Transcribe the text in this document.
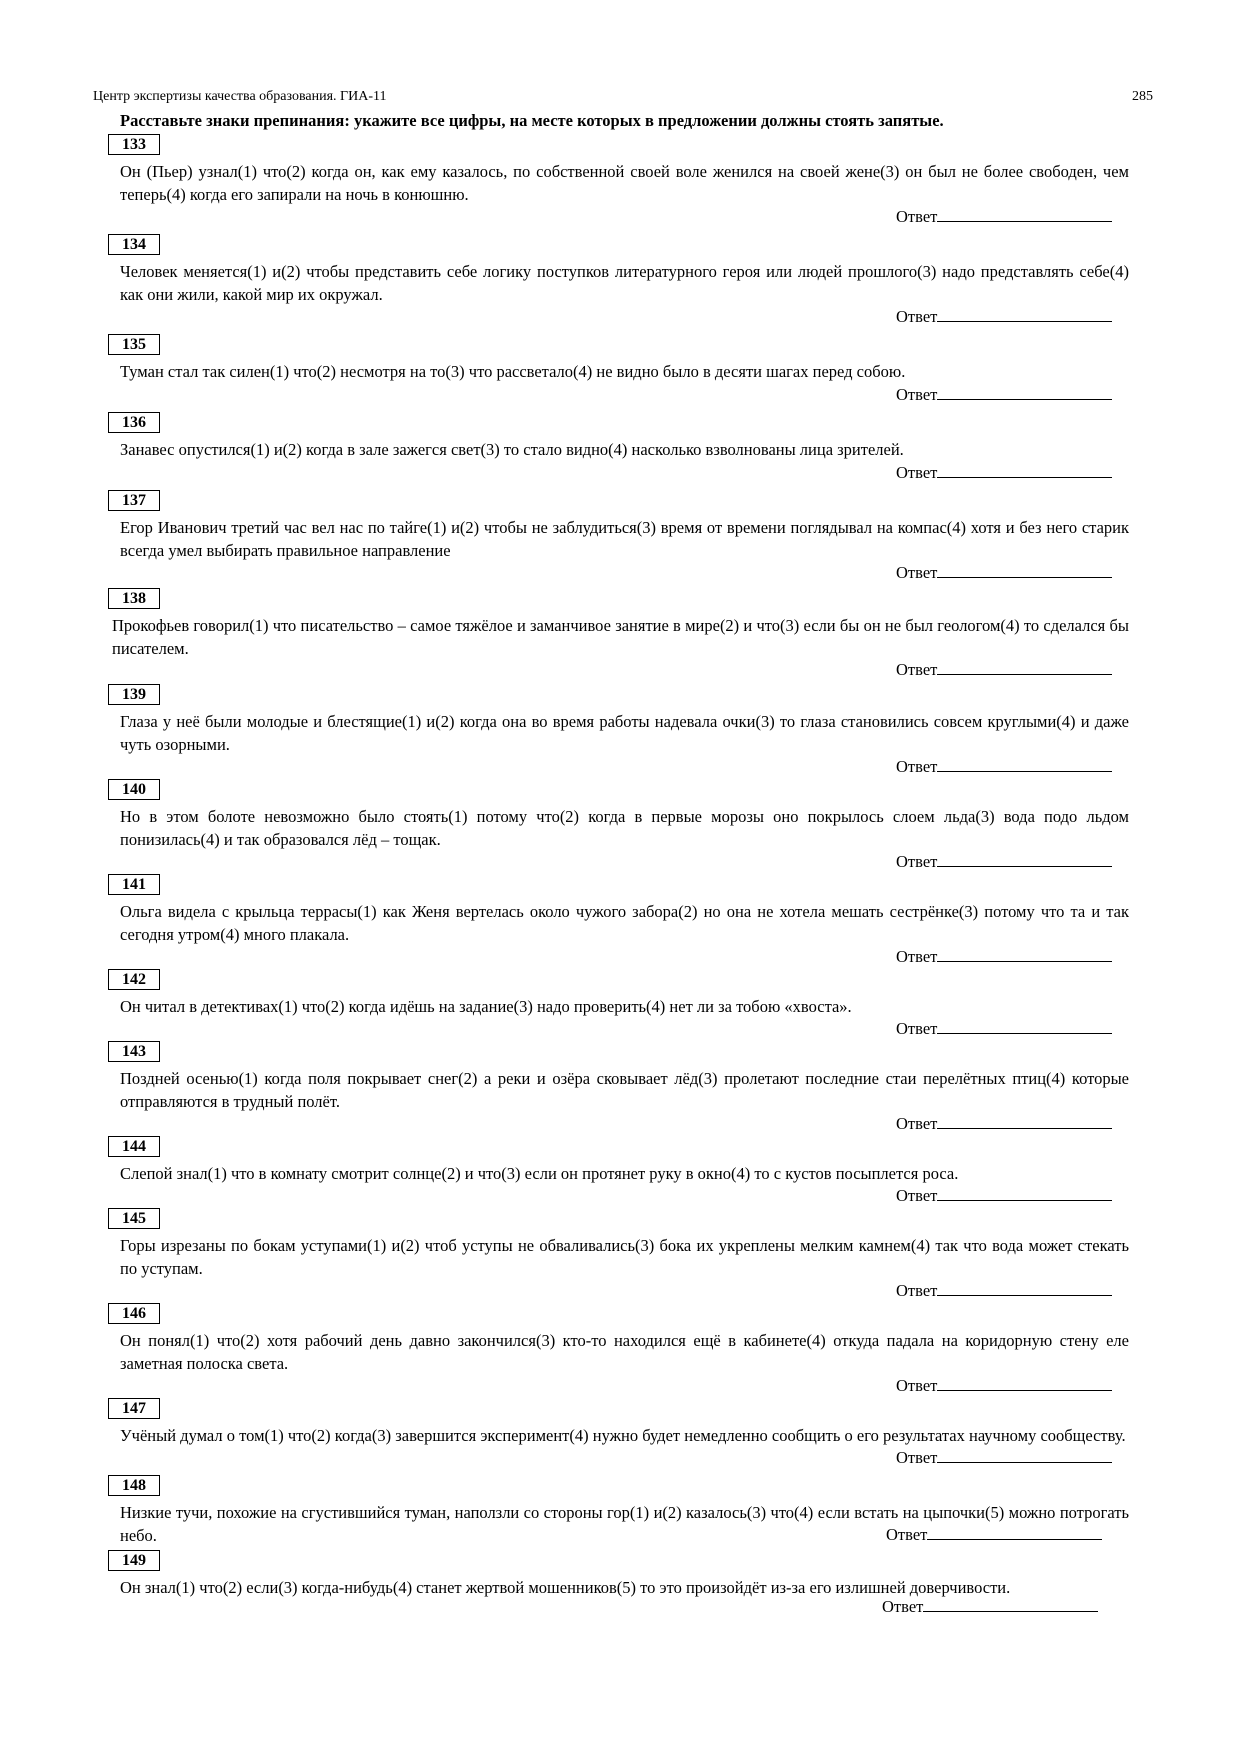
Центр экспертизы качества образования. ГИА-11	285
Расставьте знаки препинания: укажите все цифры, на месте которых в предложении должны стоять запятые.
133
Он (Пьер) узнал(1) что(2) когда он, как ему казалось, по собственной своей воле женился на своей жене(3) он был не более свободен, чем теперь(4) когда его запирали на ночь в конюшню.
Ответ
134
Человек меняется(1) и(2) чтобы представить себе логику поступков литературного героя или людей прошлого(3) надо представлять себе(4) как они жили, какой мир их окружал.
Ответ
135
Туман стал так силен(1) что(2) несмотря на то(3) что рассветало(4) не видно было в десяти шагах перед собою.
Ответ
136
Занавес опустился(1) и(2) когда в зале зажегся свет(3) то стало видно(4) насколько взволнованы лица зрителей.
Ответ
137
Егор Иванович третий час вел нас по тайге(1) и(2) чтобы не заблудиться(3) время от времени поглядывал на компас(4) хотя и без него старик всегда умел выбирать правильное направление
Ответ
138
Прокофьев говорил(1) что писательство – самое тяжёлое и заманчивое занятие в мире(2) и что(3) если бы он не был геологом(4) то сделался бы писателем.
Ответ
139
Глаза у неё были молодые и блестящие(1) и(2) когда она во время работы надевала очки(3) то глаза становились совсем круглыми(4) и даже чуть озорными.
Ответ
140
Но в этом болоте невозможно было стоять(1) потому что(2) когда в первые морозы оно покрылось слоем льда(3) вода подо льдом понизилась(4) и так образовался лёд – тощак.
Ответ
141
Ольга видела с крыльца террасы(1) как Женя вертелась около чужого забора(2) но она не хотела мешать сестрёнке(3) потому что та и так сегодня утром(4) много плакала.
Ответ
142
Он читал в детективах(1) что(2) когда идёшь на задание(3) надо проверить(4) нет ли за тобою «хвоста».
Ответ
143
Поздней осенью(1) когда поля покрывает снег(2) а реки и озёра сковывает лёд(3) пролетают последние стаи перелётных птиц(4) которые отправляются в трудный полёт.
Ответ
144
Слепой знал(1) что в комнату смотрит солнце(2) и что(3) если он протянет руку в окно(4) то с кустов посыплется роса.
Ответ
145
Горы изрезаны по бокам уступами(1) и(2) чтоб уступы не обваливались(3) бока их укреплены мелким камнем(4) так что вода может стекать по уступам.
Ответ
146
Он понял(1) что(2) хотя рабочий день давно закончился(3) кто-то находился ещё в кабинете(4) откуда падала на коридорную стену еле заметная полоска света.
Ответ
147
Учёный думал о том(1) что(2) когда(3) завершится эксперимент(4) нужно будет немедленно сообщить о его результатах научному сообществу.
Ответ
148
Низкие тучи, похожие на сгустившийся туман, наползли со стороны гор(1) и(2) казалось(3) что(4) если встать на цыпочки(5) можно потрогать небо.	Ответ
149
Он знал(1) что(2) если(3) когда-нибудь(4) станет жертвой мошенников(5) то это произойдёт из-за его излишней доверчивости.
Ответ
